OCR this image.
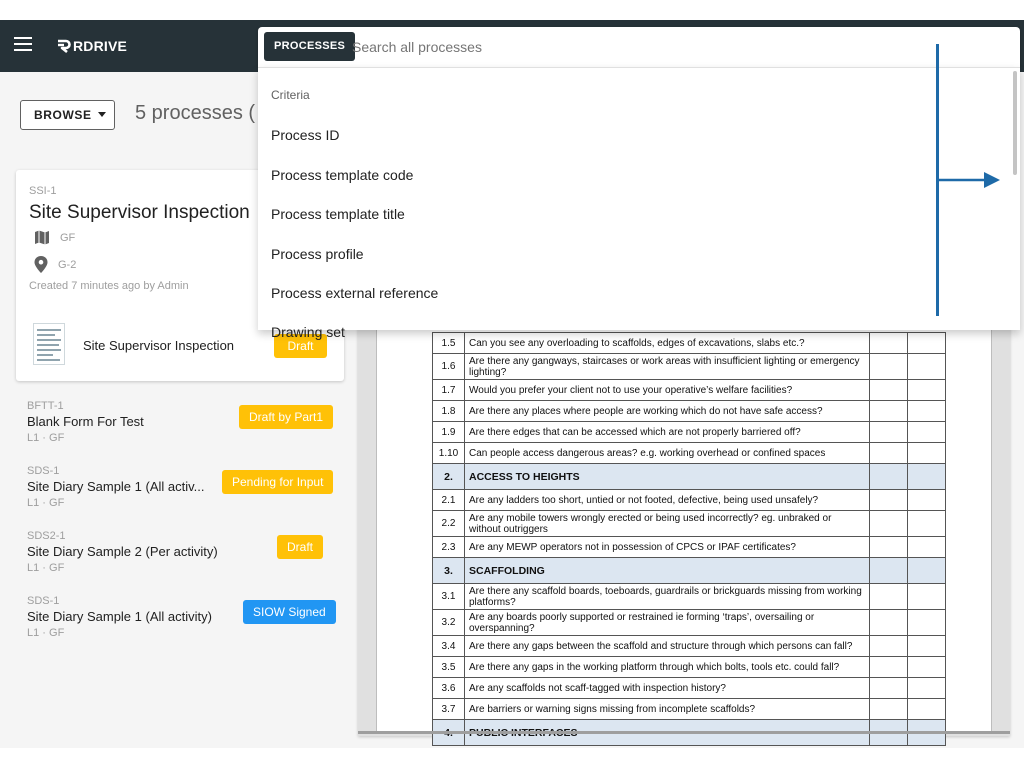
RDRIVE	PROCESSES
Search all processes
BROWSE	5 processes (
SSI-1
Site Supervisor Inspection
GF
G-2
Created 7 minutes ago by Admin
Site Supervisor Inspection	Draft
BFTT-1
Blank Form For Test
L1 · GF
Draft by Part1
SDS-1
Site Diary Sample 1 (All activ...
L1 · GF
Pending for Input
SDS2-1
Site Diary Sample 2 (Per activity)
L1 · GF
Draft
SDS-1
Site Diary Sample 1 (All activity)
L1 · GF
SIOW Signed
1.5	Can you see any overloading to scaffolds, edges of excavations, slabs etc.?		
1.6	Are there any gangways, staircases or work areas with insufficient lighting or emergency lighting?		
1.7	Would you prefer your client not to use your operative’s welfare facilities?		
1.8	Are there any places where people are working which do not have safe access?		
1.9	Are there edges that can be accessed which are not properly barriered off?		
1.10	Can people access dangerous areas? e.g. working overhead or confined spaces		
2.	ACCESS TO HEIGHTS		
2.1	Are any ladders too short, untied or not footed, defective, being used unsafely?		
2.2	Are any mobile towers wrongly erected or being used incorrectly? eg. unbraked or without outriggers		
2.3	Are any MEWP operators not in possession of CPCS or IPAF certificates?		
3.	SCAFFOLDING		
3.1	Are there any scaffold boards, toeboards, guardrails or brickguards missing from working platforms?		
3.2	Are any boards poorly supported or restrained ie forming ‘traps’, oversailing or overspanning?		
3.4	Are there any gaps between the scaffold and structure through which persons can fall?		
3.5	Are there any gaps in the working platform through which bolts, tools etc. could fall?		
3.6	Are any scaffolds not scaff-tagged with inspection history?		
3.7	Are barriers or warning signs missing from incomplete scaffolds?		

Criteria
Process ID
Process template code
Process template title
Process profile
Process external reference
Drawing set
